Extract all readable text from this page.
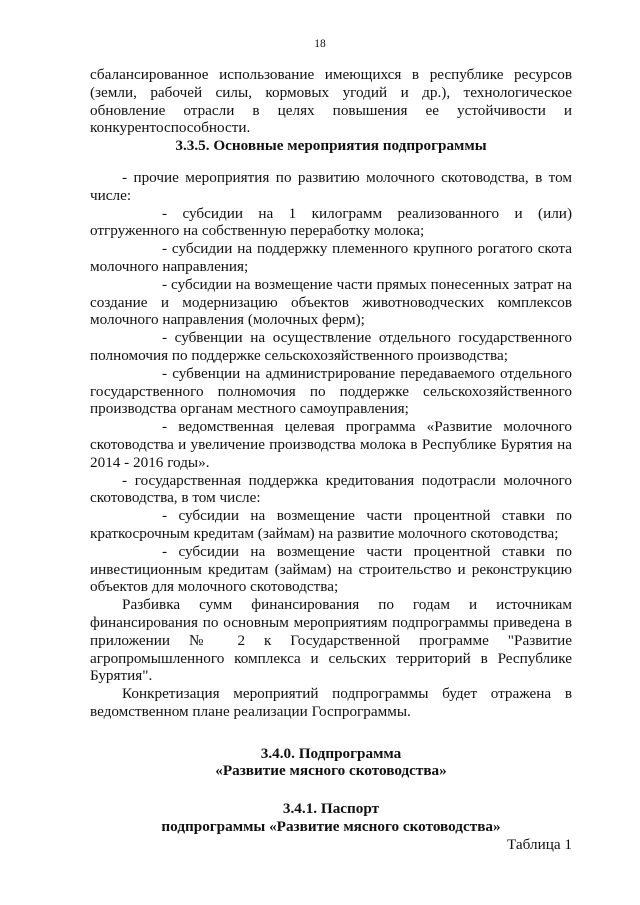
18

сбалансированное использование имеющихся в республике ресурсов (земли, рабочей силы, кормовых угодий и др.), технологическое обновление отрасли в целях повышения ее устойчивости и конкурентоспособности.

3.3.5. Основные мероприятия подпрограммы

- прочие мероприятия по развитию молочного скотоводства, в том числе:

- субсидии на 1 килограмм реализованного и (или) отгруженного на собственную переработку молока;

- субсидии на поддержку племенного крупного рогатого скота молочного направления;

- субсидии на возмещение части прямых понесенных затрат на создание и модернизацию объектов животноводческих комплексов молочного направления (молочных ферм);

- субвенции на осуществление отдельного государственного полномочия по поддержке сельскохозяйственного производства;

- субвенции на администрирование передаваемого отдельного государственного полномочия по поддержке сельскохозяйственного производства органам местного самоуправления;

- ведомственная целевая программа «Развитие молочного скотоводства и увеличение производства молока в Республике Бурятия на 2014 - 2016 годы».

- государственная поддержка кредитования подотрасли молочного скотоводства, в том числе:

- субсидии на возмещение части процентной ставки по краткосрочным кредитам (займам) на развитие молочного скотоводства;

- субсидии на возмещение части процентной ставки по инвестиционным кредитам (займам) на строительство и реконструкцию объектов для молочного скотоводства;

Разбивка сумм финансирования по годам и источникам финансирования по основным мероприятиям подпрограммы приведена в приложении № 2 к Государственной программе "Развитие агропромышленного комплекса и сельских территорий в Республике Бурятия".

Конкретизация мероприятий подпрограммы будет отражена в ведомственном плане реализации Госпрограммы.

3.4.0. Подпрограмма

«Развитие мясного скотоводства»

3.4.1. Паспорт

подпрограммы «Развитие мясного скотоводства»

Таблица 1
